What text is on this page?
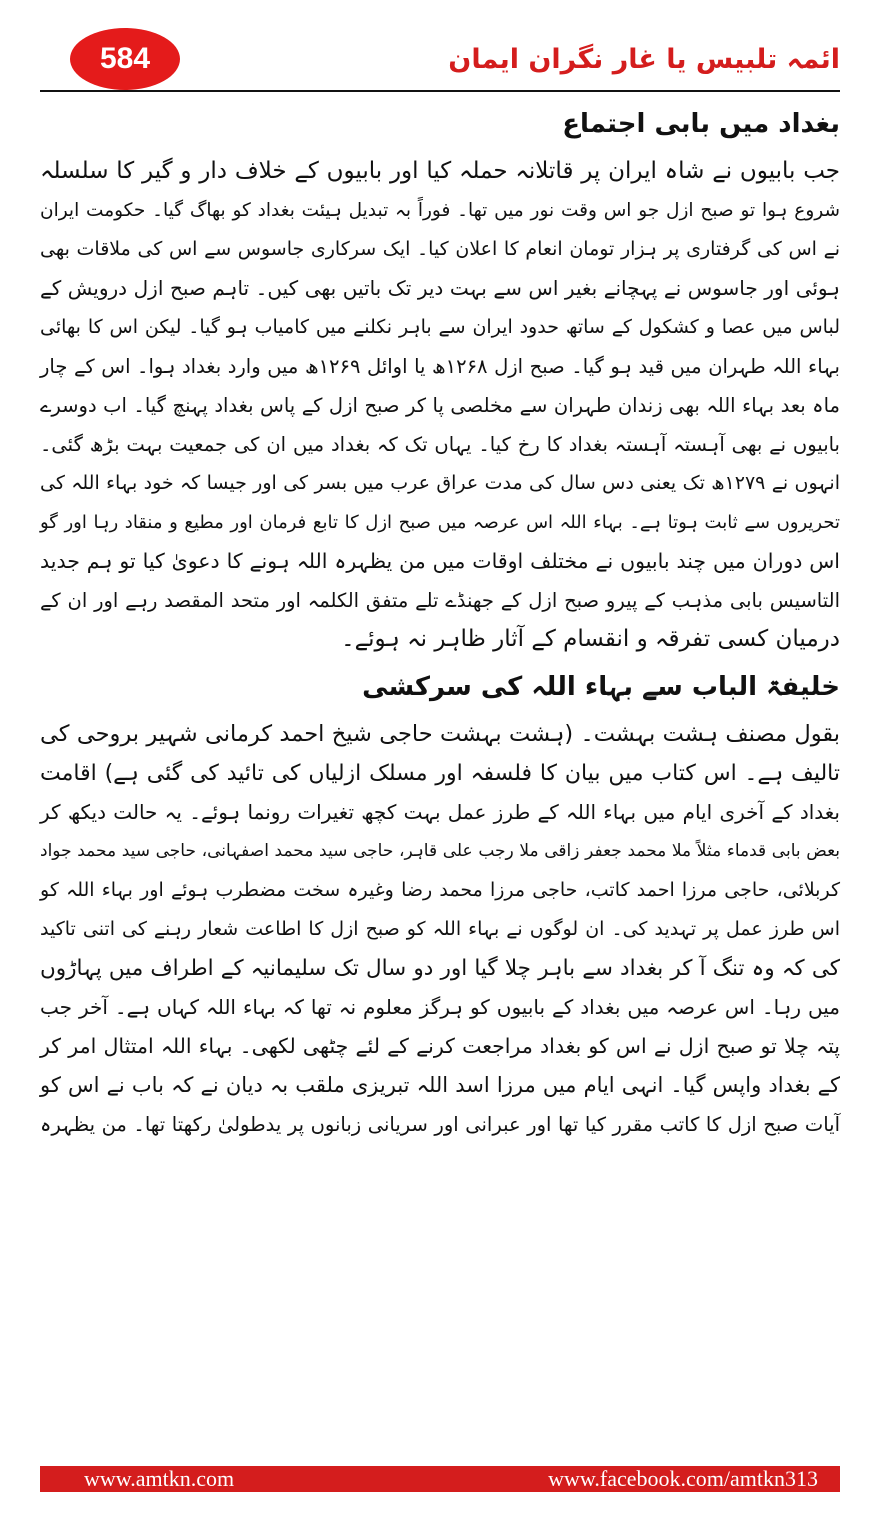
584	ائمہ تلبیس یا غار نگران ایمان
بغداد میں بابی اجتماع
جب بابیوں نے شاہ ایران پر قاتلانہ حملہ کیا اور بابیوں کے خلاف دار و گیر کا سلسلہ
شروع ہوا تو صبح ازل جو اس وقت نور میں تھا۔ فوراً بہ تبدیل ہیئت بغداد کو بھاگ گیا۔ حکومت ایران
نے اس کی گرفتاری پر ہزار تومان انعام کا اعلان کیا۔ ایک سرکاری جاسوس سے اس کی ملاقات بھی
ہوئی اور جاسوس نے پہچانے بغیر اس سے بہت دیر تک باتیں بھی کیں۔ تاہم صبح ازل درویش کے
لباس میں عصا و کشکول کے ساتھ حدود ایران سے باہر نکلنے میں کامیاب ہو گیا۔ لیکن اس کا بھائی
بہاء اللہ طہران میں قید ہو گیا۔ صبح ازل ۱۲۶۸ھ یا اوائل ۱۲۶۹ھ میں وارد بغداد ہوا۔ اس کے چار
ماہ بعد بہاء اللہ بھی زندان طہران سے مخلصی پا کر صبح ازل کے پاس بغداد پہنچ گیا۔ اب دوسرے
بابیوں نے بھی آہستہ آہستہ بغداد کا رخ کیا۔ یہاں تک کہ بغداد میں ان کی جمعیت بہت بڑھ گئی۔
انہوں نے ۱۲۷۹ھ تک یعنی دس سال کی مدت عراق عرب میں بسر کی اور جیسا کہ خود بہاء اللہ کی
تحریروں سے ثابت ہوتا ہے۔ بہاء اللہ اس عرصہ میں صبح ازل کا تابع فرمان اور مطیع و منقاد رہا اور گو
اس دوران میں چند بابیوں نے مختلف اوقات میں من یظہرہ اللہ ہونے کا دعویٰ کیا تو ہم جدید
التاسیس بابی مذہب کے پیرو صبح ازل کے جھنڈے تلے متفق الکلمہ اور متحد المقصد رہے اور ان کے
درمیان کسی تفرقہ و انقسام کے آثار ظاہر نہ ہوئے۔
خلیفۃ الباب سے بہاء اللہ کی سرکشی
بقول مصنف ہشت بہشت۔ (ہشت بہشت حاجی شیخ احمد کرمانی شہیر بروحی کی
تالیف ہے۔ اس کتاب میں بیان کا فلسفہ اور مسلک ازلیاں کی تائید کی گئی ہے) اقامت
بغداد کے آخری ایام میں بہاء اللہ کے طرز عمل بہت کچھ تغیرات رونما ہوئے۔ یہ حالت دیکھ کر
بعض بابی قدماء مثلاً ملا محمد جعفر زاقی ملا رجب علی قاہر، حاجی سید محمد اصفہانی، حاجی سید محمد جواد
کربلائی، حاجی مرزا احمد کاتب، حاجی مرزا محمد رضا وغیرہ سخت مضطرب ہوئے اور بہاء اللہ کو
اس طرز عمل پر تہدید کی۔ ان لوگوں نے بہاء اللہ کو صبح ازل کا اطاعت شعار رہنے کی اتنی تاکید
کی کہ وہ تنگ آ کر بغداد سے باہر چلا گیا اور دو سال تک سلیمانیہ کے اطراف میں پہاڑوں
میں رہا۔ اس عرصہ میں بغداد کے بابیوں کو ہرگز معلوم نہ تھا کہ بہاء اللہ کہاں ہے۔ آخر جب
پتہ چلا تو صبح ازل نے اس کو بغداد مراجعت کرنے کے لئے چٹھی لکھی۔ بہاء اللہ امتثال امر کر
کے بغداد واپس گیا۔ انہی ایام میں مرزا اسد اللہ تبریزی ملقب بہ دیان نے کہ باب نے اس کو
آیات صبح ازل کا کاتب مقرر کیا تھا اور عبرانی اور سریانی زبانوں پر یدطولیٰ رکھتا تھا۔ من یظہرہ
www.amtkn.com	www.facebook.com/amtkn313
